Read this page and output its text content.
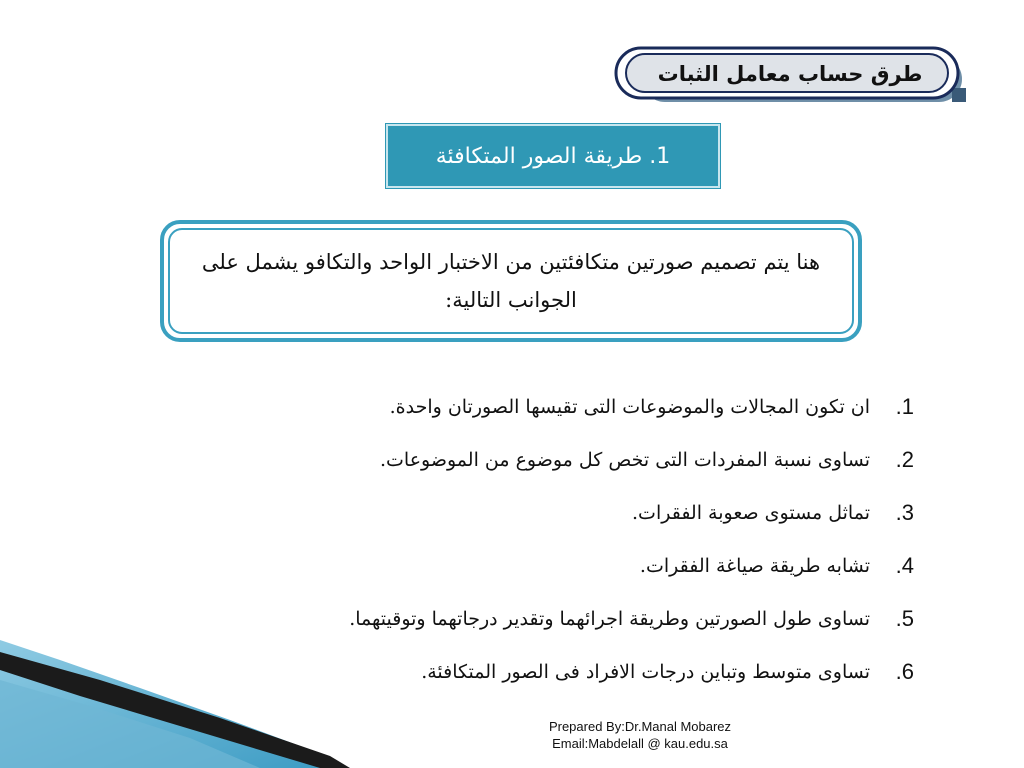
طرق حساب معامل الثبات
1. طريقة الصور المتكافئة
هنا يتم تصميم صورتين متكافئتين من الاختبار الواحد والتكافو يشمل على الجوانب التالية:
1.
ان تكون المجالات والموضوعات التى تقيسها الصورتان واحدة.
2.
تساوى نسبة المفردات التى تخص كل موضوع من الموضوعات.
3.
تماثل مستوى صعوبة الفقرات.
4.
تشابه طريقة صياغة الفقرات.
5.
تساوى طول الصورتين وطريقة اجرائهما وتقدير درجاتهما وتوقيتهما.
6.
تساوى متوسط وتباين درجات الافراد فى الصور المتكافئة.
Prepared By:Dr.Manal Mobarez
Email:Mabdelall @ kau.edu.sa
